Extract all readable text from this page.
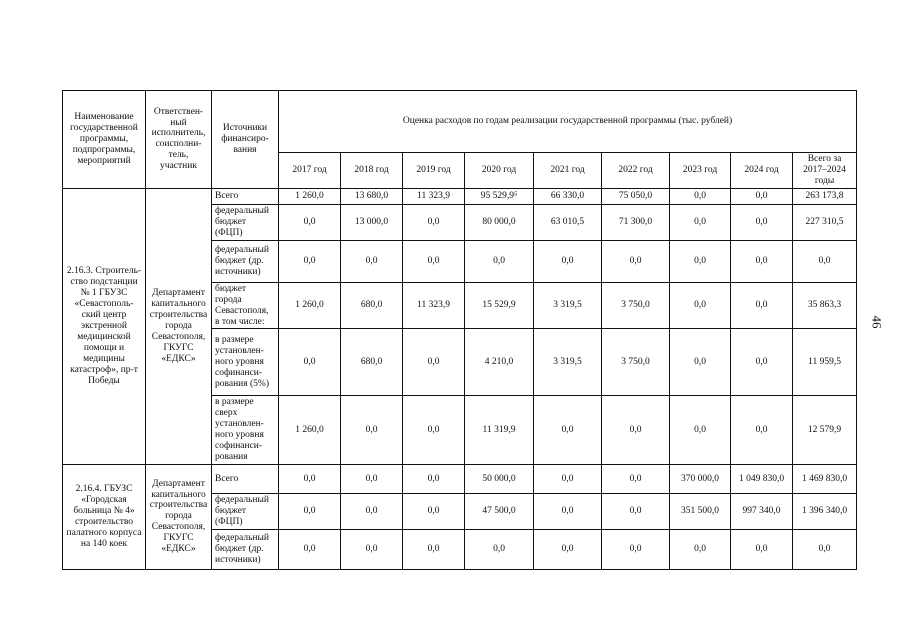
Наименование государственной программы, подпрограммы, мероприятий	Ответствен-ный исполнитель, соисполни-тель, участник	Источники финансиро-вания	Оценка расходов по годам реализации государственной программы (тыс. рублей)								
			2017 год	2018 год	2019 год	2020 год	2021 год	2022 год	2023 год	2024 год	Всего за 2017–2024 годы
2.16.3. Строитель-ство подстанции № 1 ГБУЗС «Севастополь-ский центр экстренной медицинской помощи и медицины катастроф», пр-т Победы	Департамент капитального строительства города Севастополя, ГКУГС «ЕДКС»	Всего	1 260,0	13 680,0	11 323,9	95 529,9⁵	66 330,0	75 050,0	0,0	0,0	263 173,8
		федеральный бюджет (ФЦП)	0,0	13 000,0	0,0	80 000,0	63 010,5	71 300,0	0,0	0,0	227 310,5
		федеральный бюджет (др. источники)	0,0	0,0	0,0	0,0	0,0	0,0	0,0	0,0	0,0
		бюджет города Севастополя, в том числе:	1 260,0	680,0	11 323,9	15 529,9	3 319,5	3 750,0	0,0	0,0	35 863,3
		в размере установлен-ного уровня софинанси-рования (5%)	0,0	680,0	0,0	4 210,0	3 319,5	3 750,0	0,0	0,0	11 959,5
		в размере сверх установлен-ного уровня софинанси-рования	1 260,0	0,0	0,0	11 319,9	0,0	0,0	0,0	0,0	12 579,9
2.16.4. ГБУЗС «Городская больница № 4» строительство палатного корпуса на 140 коек	Департамент капитального строительства города Севастополя, ГКУГС «ЕДКС»	Всего	0,0	0,0	0,0	50 000,0	0,0	0,0	370 000,0	1 049 830,0	1 469 830,0
		федеральный бюджет (ФЦП)	0,0	0,0	0,0	47 500,0	0,0	0,0	351 500,0	997 340,0	1 396 340,0
		федеральный бюджет (др. источники)	0,0	0,0	0,0	0,0	0,0	0,0	0,0	0,0	0,0
46
